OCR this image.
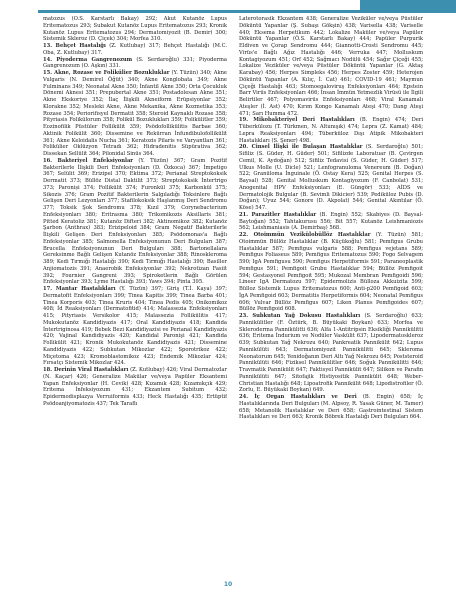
matozus (Ö.S. Karstarlı Bakay) 292; Akut Kutanöz Lupus Eritematozus 293; Subakut Kutanöz Lupus Eritematozus 293; Kronik Kutanöz Lupus Eritematozus 294; Dermatomiyozit (B. Demir) 300; Sistemik Skleroz (D. Çiçek) 304; Morfea 310.

13. Behçet Hastalığı (Z. Kutlubay) 317; Behçet Hastalığı (M.C. Oba, Z. Kutlubay) 317.

14. Piyoderma Gangrenozum (S. Serdaroğlu) 331; Piyoderma Gangrenozum (O. Aşkın) 331.

15. Akne, Rozase ve Folikülier Bozukluklar (Y. Tüzün) 340; Akne Vulgaris (N. Demirel Öğüt) 340; Akne Konglobata 349; Akne Fulminans 349; Neonatal Akne 350; İnfantil Akne 350; Orta Çocukluk Dönemi Aknesi 351; Prepubertal Akne 351; Postadolesan Akne 351; Akne Ekskoriye 352; İlaç İlişkili Akneiform Erüpsiyonlar 352; Klorakne 352; Mesleki Akne, Akne Mekanika, Akne Kozmetika 353; Rozase 354; Periorifisyel Dermatit 358; Steroid Kaynaklı Rozase 358; Pityriasis Folikülorum 358; Folikül Bozuklukları 359; Folikülitler 359; Eozinofilik Püstüler Follikülit 359; Psödofollikülitis Barbae 360; Aktinik Folikülit 360; Disseminе ve Rekürran İnfundibulofollikülit 361; Akne Keloidalis Nucha 361; Keratozis Pilaris ve Varyantları 361; Folikülier Oklüzyon Tetradı 362; Hidradenitis Süpürativa 362; Dissekan Sellülit 364; Pilonidal Sinüs 364.

16. Bakteriyel Enfeksiyonlar (Y. Tüzün) 367; Gram Pozitif Bakterilerle İlişkili Deri Enfeksiyonları (D. Özkoca) 367; İmpetigo 367; Selülit 369; Erizipel 370; Ektima 372; Perianal Streptokoksik Dermatit 373; Büllöz Distal Daktilit 373; Streptokoksik İntertrigo 373; Paroniși 374; Follikülit 374; Furonkül 375; Karbonkül 375; Sikozis 376; Gram Pozitif Bakterilerin Salgıladığı Toksinlere Bağlı Gelişen Deri Lezyonları 377; Stafilokoksik Haşlanmış Deri Sendromu 377; Toksik Şok Sendromu 378; Kızıl 379; Corynebacterium Enfeksiyonları 380; Eritrasma 380; Trikomikozis Aksillaris 381; Pitted Keratoliz 381; Kutanöz Difteri 382; Aktinomikoz 382; Kutanöz Şarbon (Anthrax) 383; Erizipeloid 384; Gram Negatif Bakterilerle İlişkili Gelişen Deri Enfeksiyonları 385; Psödomonas'a Bağlı Enfeksiyonlar 385; Salmonella Enfeksiyonunun Deri Bulguları 387; Brucella Enfeksiyonunun Deri Bulguları 388; Bartonellalara Gereksinme Bağlı Gelişen Kutanöz Enfeksiyonlar 388; Rinoskleroma 389; Kedi Tırmığı Hastalığı 390; Kedi Tırmığı Hastalığı 390; Basiller Anjiomatozis 391; Anaerobik Enfeksiyonlar 392; Nekrotizan Fasiit 392; Fournier Gangreni 393; Spiroketlerin Bağlı Görülen Enfeksiyonlar 393; Lyme Hastalığı 393; Yaws 394; Pinta 395.

17. Mantar Hastalıkları (Y. Tüzün) 397; Giriş (T.İ. Kaya) 397; Dermatofit Enfeksiyonları 399; Tinea Kapitis 399; Tinea Barba 401; Tinea Korporis 403; Tinea Kruris 404; Tinea Pedis 405; Onikomikoz 408; İd Reaksiyonları (Dermatofitid) 414; Malassezia Enfeksiyonları 415; Pityriasis Versikolor 415; Malassezia Follikülitis 417; Mukokutanöz Kandidiyazis 417; Oral Kandidiyazis 418; Kandida İntertriginosa 419; Bebek Bezi Kandidiyazisi ve Perianal Kandidiyazis 420; Vajinal Kandidiyazis 420; Kandidal Paronişi 421; Kandida Follikülit 421; Kronik Mukokutanöz Kandidiyazis 421; Dissemine Kandidiyazis 422; Subkutan Mikozlar 422; Sporotrikoz 422; Miçetoma 423; Kromoblastomikoz 423; Endemik Mikozlar 424; Fırsatçı Sistemik Mikozlar 424.

18. Derinin Viral Hastalıkları (Z. Kutlubay) 426; Viral Dermatozlar (N. Kaçar) 426; Generalize Makülar ve/veya Papüler Eksantemi Yapan Enfeksiyonlar (H. Cevik) 428; Kızamık 428; Kızamıkçık 429; Eritema İnfeksiyozum 431; Ekzantem Subitum 432; Epidermodisplazya Verruiformis 433; Heck Hastalığı 435; Ertüptif Psödoanjiyomatozis 437; Tek Taraflı

Laterotorasik Ekzantem 438; Generalize Veziküler ve/veya Püstüler Döküntü Yapanlar (Ş. Subaşı Gökşin) 438; Varisella 438; Variselle 440; Eksema Herpetikum 442; Lokalize Maküler ve/veya Papüler Döküntü Yapanlar (Ö.S. Karstarlı Bakay) 444; Papüler Purpurik Eldiven ve Çorap Sendromu 444; Giannotti-Crosti Sendromu 445; Virüs'e Bağlı Ağız Hastalığı 446; Verruka 447; Molluskum Kontagiyozum 451; Orf 452; Sağmacı Nodülü 454; Sağır Çiçeği 455; Lokalize Veziküler ve/veya Püstüler Döküntü Yapanlar (G. Aktaş Karabay) 456; Herpes Simpleks 456; Herpes Zoster 459; Heterojen Döküntü Yapanlar (A. Kılıç, İ. Cat) 461; COVID-19 461; Maymun Çiçeği Hastalığı 463; Stomoegaloviruş Enfeksiyonları 464; Epstein Barr Virüs Enfeksiyonları 466; İnsan İmmün Yetmezlik Virüsü ile İlgili Belirtiler 467; Polyomavirüs Enfeksiyonları 468; Viral Kanamalı Ateşler (İ. Ast) 470; Kırım Kongo Kanamalı Ateşi 470; Dang Ateşi 471; Sarı Humma 472.

19. Mikobakteriyel Deri Hastalıkları (B. Engin) 474; Deri Tüberkülozu (T. Türkmen, N. Altunışık) 474; Lepra (Z. Kamat) 484; Lepra Reaksiyonları 494; Tüberküloz Dışı Atipik Mikobakteri Hastalıkları (S. Şener) 498.

20. Cinsel İlişki ile Bulaşan Hastalıklar (S. Serdaroğlu) 501; Sifiliz (S. Güder, H. Güder) 501; Sifilizde Laboratuar (B. Çevirgen Cemil, K. Aydoğan) 512; Sifiliz Tedavisi (S. Güder, H. Güder) 517; Ulkus Molle (U. Dicle) 521; Lenfogranuloma Venereum (B. Doğan) 522; Granüloma İnguinale (Ö. Ostay Kera) 525; Genital Herpes (S. Baysal) 528; Genital Molluskum Kontagiyozum (F. Canbolat) 531; Anogenital HPV Enfeksiyonları (E. Güngör) 533; AİDS ve Dermatolojik Bulgular (B. Sevimli Dikicier) 539; Pediküloz Pubis (D. Doğan); Uyuz 544; Gonore (D. Akpolat) 544; Genital Akıntılar (Ö. Köse) 547.

21. Parazitler Hastalıklar (B. Engin) 552; Skabiyes (D. Baysal-Baytoğan) 552; Tahtakurusu 556; Bit 557; Kutanöz Leishmaniozis 562; Leishmaniasis (A. Demirbaş) 568.

22. Otoimmün Vezikülobüllöz Hastalıklar (Y. Tüzün) 581; Otoimmün Büllöz Hastalıklar (B. Küçükoğlu) 581; Pemfigus Grubu Hastalıklar 587; Pemfigus vulgaris 588; Pemfigus vejetans 589; Pemfigus Foliaseus 589; Pemfigus Eritematozus 590; Fogo Selvagem 590; IgA Pemfigusu 590; Pemfigus Herpetiformis 591; Paraneoplastik Pemfigus 591; Pemfigoit Grubu Hastalıklar 594; Büllöz Pemfigoit 594; Gestasyonel Pemfigoit 595; Mukozal Membran Pemfigoidi 596; Lineer IgA Dermatozu 597; Epidermolizis Bülloza Akkuizita 599; Bülloz Sistemik Lupus Eritematozus 600; Anti-p200 Pemfigoid 603; İgA Pemfigoid 603; Dermatitis Herpetiformis 604; Neonatal Pemfigus 606; Vulvar Büllöz Pemfigus 607; Liken Planus Pemfigoides 607; Büllöz Pemfigoid 608.

23. Subkutan Yağ Dokusu Hastalıkları (S. Serdaroğlu) 633; Pannikülitler (F. Öztürk, B. Büyükaki Boykan) 633; Morfea ve Skleroderma Pannikülitti 636; Alfa 1-Antitripsin Eksikliği Pannikülitti 636; Eritema İndurium ve Nodüler Vaskülit 637; Lipodermatoskleroz 639; Subkutan Yağ Nekrozu 640; Pankreatik Pannikülit 642; Lupus Pannikülüti 643; Dermatomiyozit Pannikülitti 645; Skleroma Neonatorum 645; Yenidoğanın Deri Altı Yağ Nekrozu 645; Poststeroid Pannikülüti 646; Fiziksel Pannikülitler 646; Soğuk Pannikülitti 646; Travmatik Pannikülit 647; Faktisyel Pannikülit 647; Silikon ve Parafin Pannikülüti 647; Sitofajik Histiyositik Pannikülit 648; Weber-Christian Hastalığı 648; Lipoatrofik Pannikülit 648; Lipodistrofiler (Ö. Zorlu, E. Büyükaki Boykan) 649.

24. İç Organ Hastalıkları ve Deri (B. Engin) 658; İç Hastalıklarında Deri Bulguları (M. Alpsoy, R. Yasak Güner, M. Tamer) 658; Metanolik Hastalıklar ve Deri 658; Gastrointestinal Sistem Hastalıkları ve Deri 663; Kronik Böbrek Hastalığı Deri Bulguları 664.

10
